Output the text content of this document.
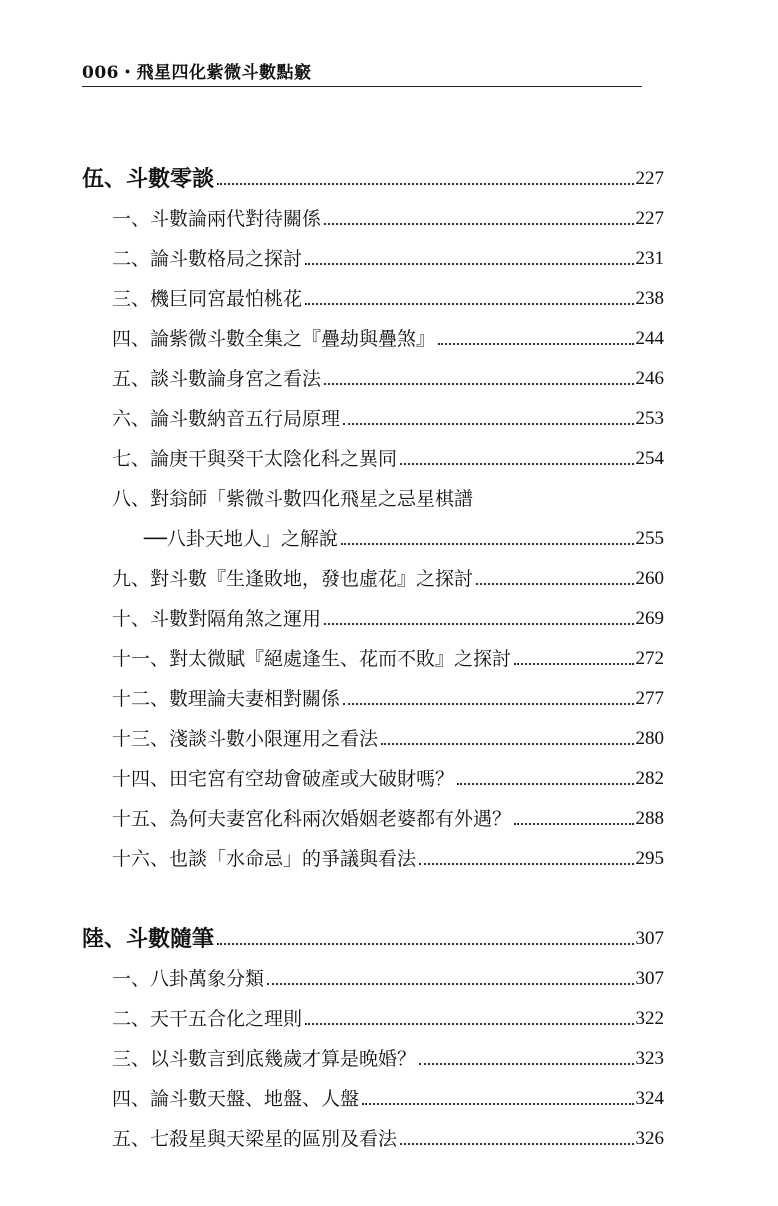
006・飛星四化紫微斗數點竅
伍、斗數零談	227
一、斗數論兩代對待關係	227
二、論斗數格局之探討	231
三、機巨同宮最怕桃花	238
四、論紫微斗數全集之『疊劫與疊煞』	244
五、談斗數論身宮之看法	246
六、論斗數納音五行局原理	253
七、論庚干與癸干太陰化科之異同	254
八、對翁師「紫微斗數四化飛星之忌星棋譜
──八卦天地人」之解說	255
九、對斗數『生逢敗地，發也虛花』之探討	260
十、斗數對隔角煞之運用	269
十一、對太微賦『絕處逢生、花而不敗』之探討	272
十二、數理論夫妻相對關係	277
十三、淺談斗數小限運用之看法	280
十四、田宅宮有空劫會破產或大破財嗎？	282
十五、為何夫妻宮化科兩次婚姻老婆都有外遇？	288
十六、也談「水命忌」的爭議與看法	295
陸、斗數隨筆	307
一、八卦萬象分類	307
二、天干五合化之理則	322
三、以斗數言到底幾歲才算是晚婚？	323
四、論斗數天盤、地盤、人盤	324
五、七殺星與天梁星的區別及看法	326
